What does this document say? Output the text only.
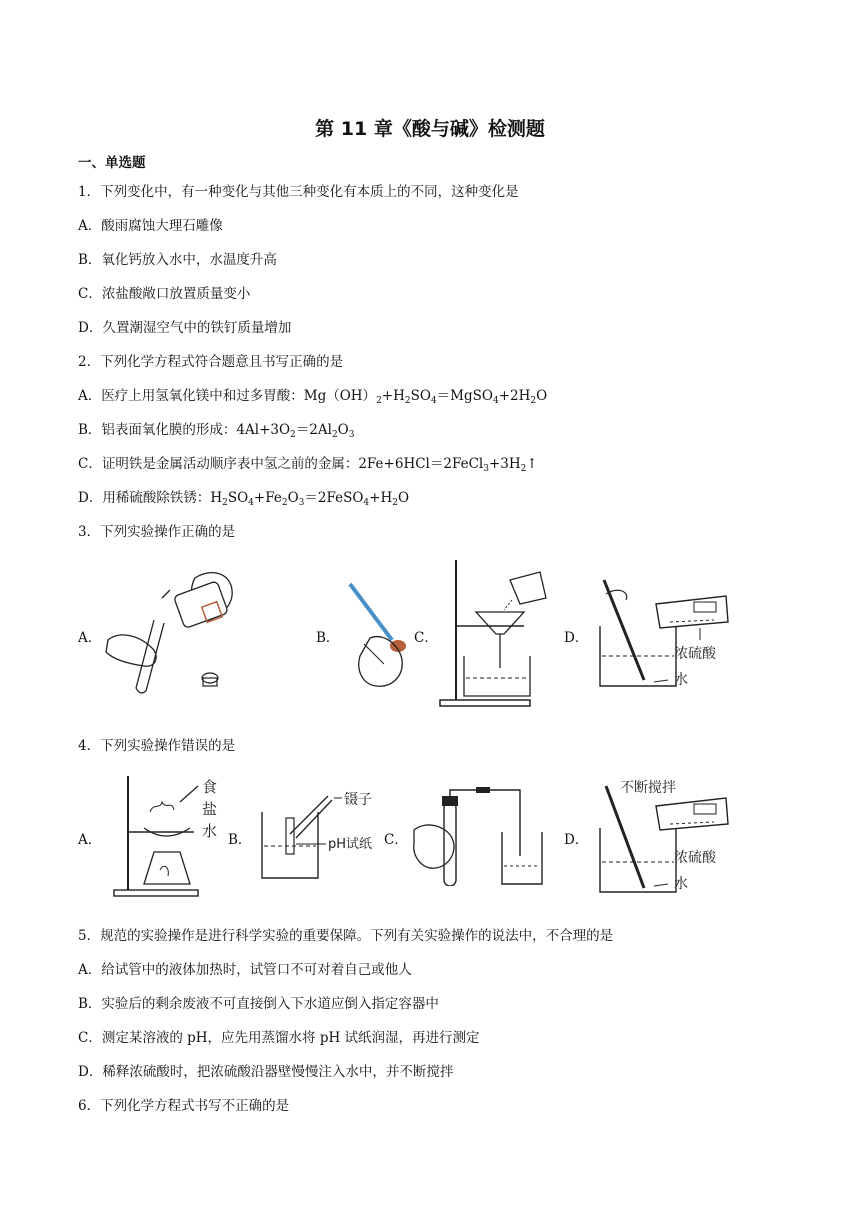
第 11 章《酸与碱》检测题
一、单选题
1．下列变化中，有一种变化与其他三种变化有本质上的不同，这种变化是
A．酸雨腐蚀大理石雕像
B．氧化钙放入水中，水温度升高
C．浓盐酸敞口放置质量变小
D．久置潮湿空气中的铁钉质量增加
2．下列化学方程式符合题意且书写正确的是
A．医疗上用氢氧化镁中和过多胃酸：$Mg(OH)_2+H_2SO_4=MgSO_4+2H_2O$
B．铝表面氧化膜的形成：$4Al+3O_2=2Al_2O_3$
C．证明铁是金属活动顺序表中氢之前的金属：$2Fe+6HCl=2FeCl_3+3H_2↑$
D．用稀硫酸除铁锈：$H_2SO_4+Fe_2O_3=2FeSO_4+H_2O$
3．下列实验操作正确的是
A．	B．	C．	D．
浓硫酸
水
4．下列实验操作错误的是
A．	B．	C．	D．
食
盐
水
镊子
pH试纸
不断搅拌
浓硫酸
水
5．规范的实验操作是进行科学实验的重要保障。下列有关实验操作的说法中，不合理的是
A．给试管中的液体加热时，试管口不可对着自己或他人
B．实验后的剩余废液不可直接倒入下水道应倒入指定容器中
C．测定某溶液的 pH，应先用蒸馏水将 pH 试纸润湿，再进行测定
D．稀释浓硫酸时，把浓硫酸沿器壁慢慢注入水中，并不断搅拌
6．下列化学方程式书写不正确的是
